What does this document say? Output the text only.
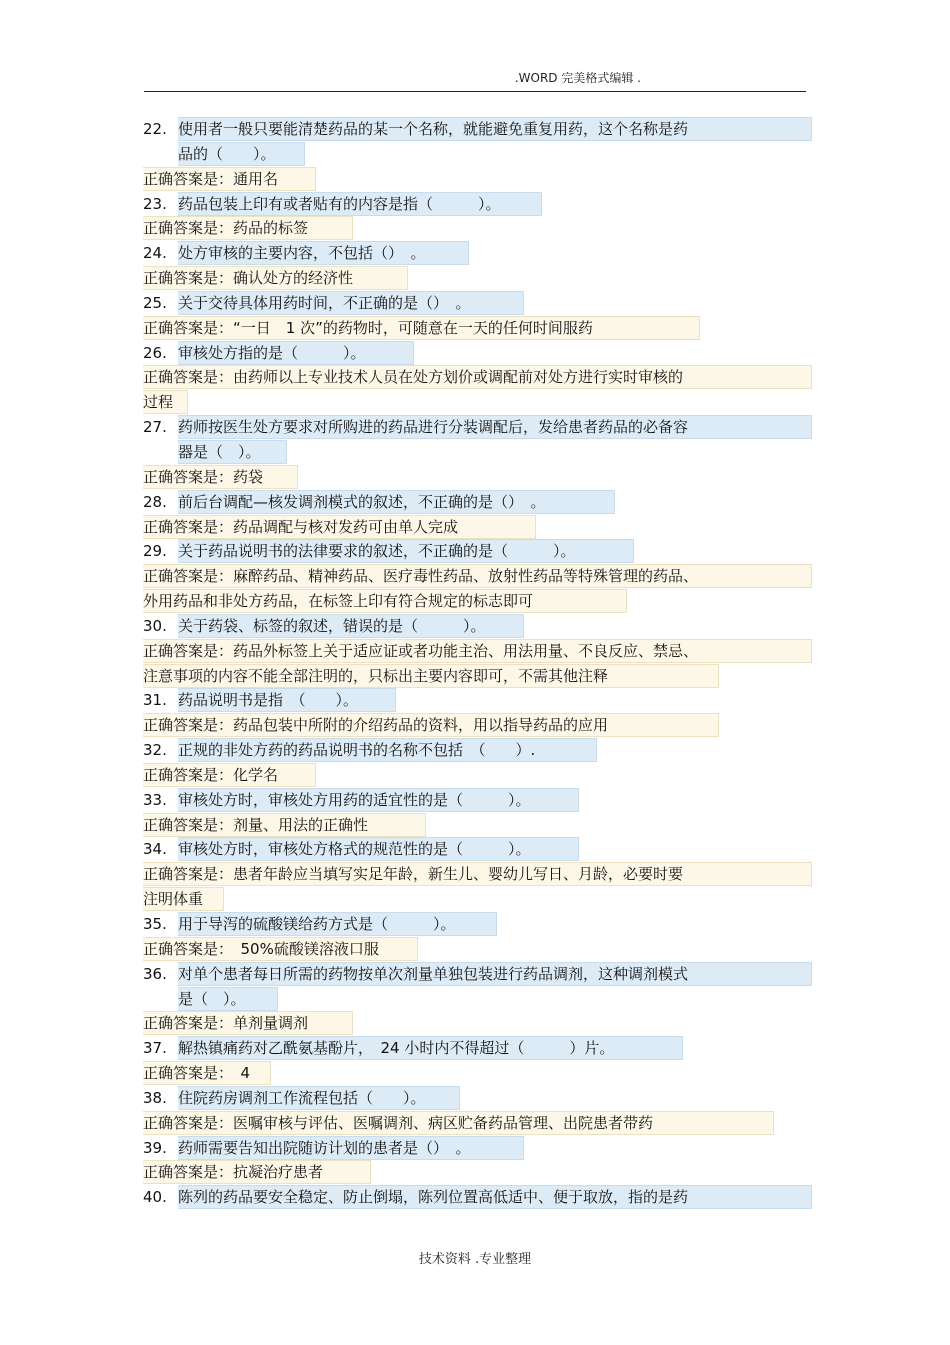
.WORD 完美格式编辑 .
22. 使用者一般只要能清楚药品的某一个名称，就能避免重复用药，这个名称是药
品的（　　）。
正确答案是：通用名
23. 药品包装上印有或者贴有的内容是指（　　　）。
正确答案是：药品的标签
24. 处方审核的主要内容，不包括（）　。
正确答案是：确认处方的经济性
25. 关于交待具体用药时间，不正确的是（）　。
正确答案是：“一日　1 次”的药物时，可随意在一天的任何时间服药
26. 审核处方指的是（　　　）。
正确答案是：由药师以上专业技术人员在处方划价或调配前对处方进行实时审核的
过程
27. 药师按医生处方要求对所购进的药品进行分装调配后，发给患者药品的必备容
器是（　）。
正确答案是：药袋
28. 前后台调配—核发调剂模式的叙述，不正确的是（）　。
正确答案是：药品调配与核对发药可由单人完成
29. 关于药品说明书的法律要求的叙述，不正确的是（　　　）。
正确答案是：麻醉药品、精神药品、医疗毒性药品、放射性药品等特殊管理的药品、
外用药品和非处方药品，在标签上印有符合规定的标志即可
30. 关于药袋、标签的叙述，错误的是（　　　）。
正确答案是：药品外标签上关于适应证或者功能主治、用法用量、不良反应、禁忌、
注意事项的内容不能全部注明的，只标出主要内容即可，不需其他注释
31. 药品说明书是指　（　　）。
正确答案是：药品包装中所附的介绍药品的资料，用以指导药品的应用
32. 正规的非处方药的药品说明书的名称不包括　（　　）.
正确答案是：化学名
33. 审核处方时，审核处方用药的适宜性的是（　　　）。
正确答案是：剂量、用法的正确性
34. 审核处方时，审核处方格式的规范性的是（　　　）。
正确答案是：患者年龄应当填写实足年龄，新生儿、婴幼儿写日、月龄，必要时要
注明体重
35. 用于导泻的硫酸镁给药方式是（　　　）。
正确答案是：　50%硫酸镁溶液口服
36. 对单个患者每日所需的药物按单次剂量单独包装进行药品调剂，这种调剂模式
是（　）。
正确答案是：单剂量调剂
37. 解热镇痛药对乙酰氨基酚片，　24 小时内不得超过（　　　）片。
正确答案是：　4
38. 住院药房调剂工作流程包括（　　）。
正确答案是：医嘱审核与评估、医嘱调剂、病区贮备药品管理、出院患者带药
39. 药师需要告知出院随访计划的患者是（）　。
正确答案是：抗凝治疗患者
40. 陈列的药品要安全稳定、防止倒塌，陈列位置高低适中、便于取放，指的是药
技术资料 .专业整理
